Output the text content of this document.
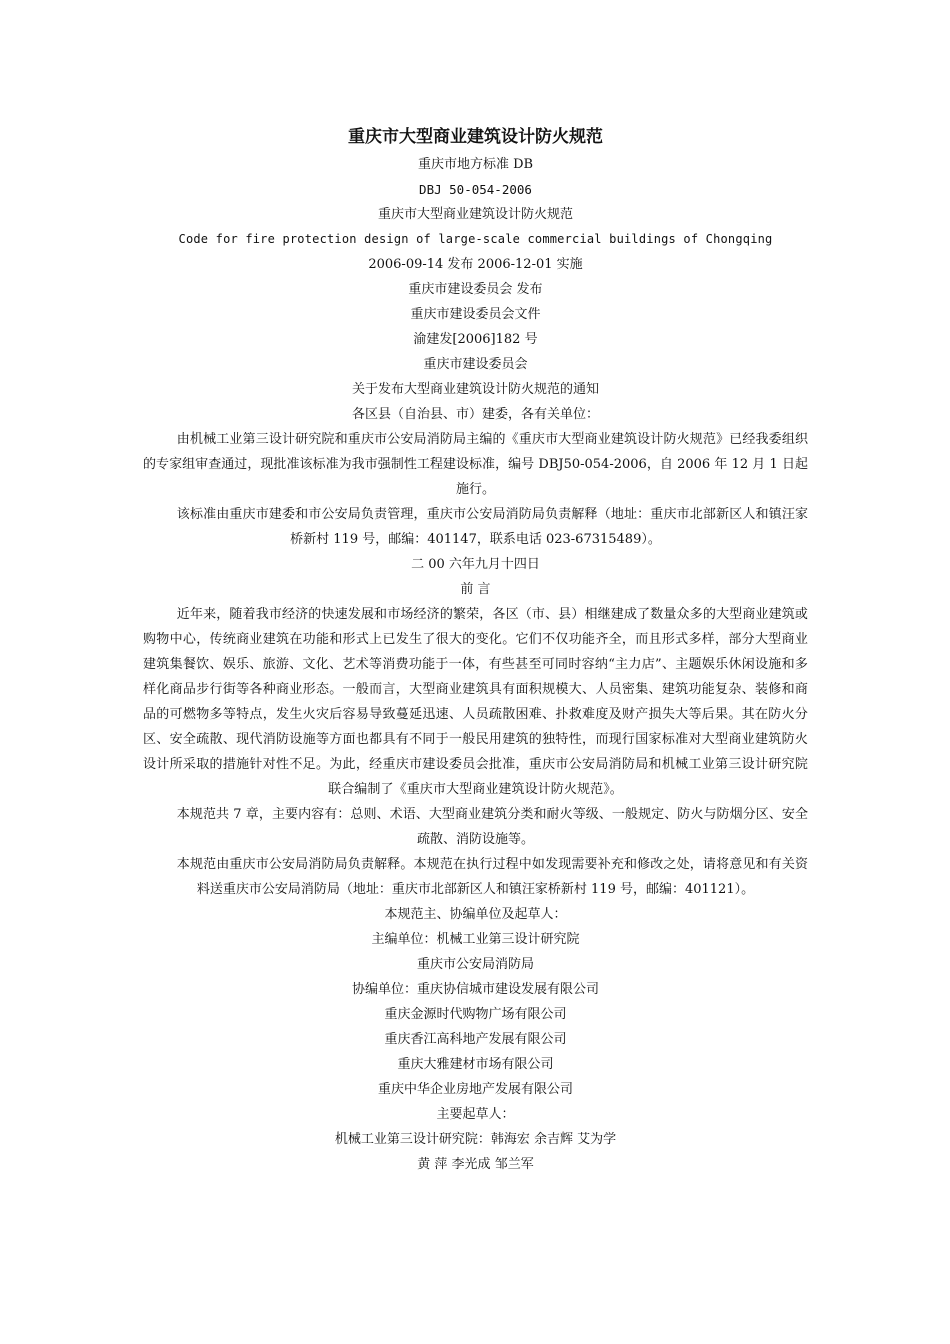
重庆市大型商业建筑设计防火规范

重庆市地方标准 DB

DBJ 50-054-2006

重庆市大型商业建筑设计防火规范

Code for fire protection design of large-scale commercial buildings of Chongqing

2006-09-14 发布 2006-12-01 实施

重庆市建设委员会 发布

重庆市建设委员会文件

渝建发[2006]182 号

重庆市建设委员会

关于发布大型商业建筑设计防火规范的通知

各区县（自治县、市）建委，各有关单位：

由机械工业第三设计研究院和重庆市公安局消防局主编的《重庆市大型商业建筑设计防火规范》已经我委组织的专家组审查通过，现批准该标准为我市强制性工程建设标准，编号 DBJ50-054-2006，自 2006 年 12 月 1 日起施行。

该标准由重庆市建委和市公安局负责管理，重庆市公安局消防局负责解释（地址：重庆市北部新区人和镇汪家桥新村 119 号，邮编：401147，联系电话 023-67315489）。

二 00 六年九月十四日

前 言

近年来，随着我市经济的快速发展和市场经济的繁荣，各区（市、县）相继建成了数量众多的大型商业建筑或购物中心，传统商业建筑在功能和形式上已发生了很大的变化。它们不仅功能齐全，而且形式多样，部分大型商业建筑集餐饮、娱乐、旅游、文化、艺术等消费功能于一体，有些甚至可同时容纳“主力店”、主题娱乐休闲设施和多样化商品步行街等各种商业形态。一般而言，大型商业建筑具有面积规模大、人员密集、建筑功能复杂、装修和商品的可燃物多等特点，发生火灾后容易导致蔓延迅速、人员疏散困难、扑救难度及财产损失大等后果。其在防火分区、安全疏散、现代消防设施等方面也都具有不同于一般民用建筑的独特性，而现行国家标准对大型商业建筑防火设计所采取的措施针对性不足。为此，经重庆市建设委员会批准，重庆市公安局消防局和机械工业第三设计研究院联合编制了《重庆市大型商业建筑设计防火规范》。

本规范共 7 章，主要内容有：总则、术语、大型商业建筑分类和耐火等级、一般规定、防火与防烟分区、安全疏散、消防设施等。

本规范由重庆市公安局消防局负责解释。本规范在执行过程中如发现需要补充和修改之处，请将意见和有关资料送重庆市公安局消防局（地址：重庆市北部新区人和镇汪家桥新村 119 号，邮编：401121）。

本规范主、协编单位及起草人：

主编单位：机械工业第三设计研究院

重庆市公安局消防局

协编单位：重庆协信城市建设发展有限公司

重庆金源时代购物广场有限公司

重庆香江高科地产发展有限公司

重庆大雅建材市场有限公司

重庆中华企业房地产发展有限公司

主要起草人：

机械工业第三设计研究院：韩海宏 余吉辉 艾为学

黄 萍 李光成 邹兰军
